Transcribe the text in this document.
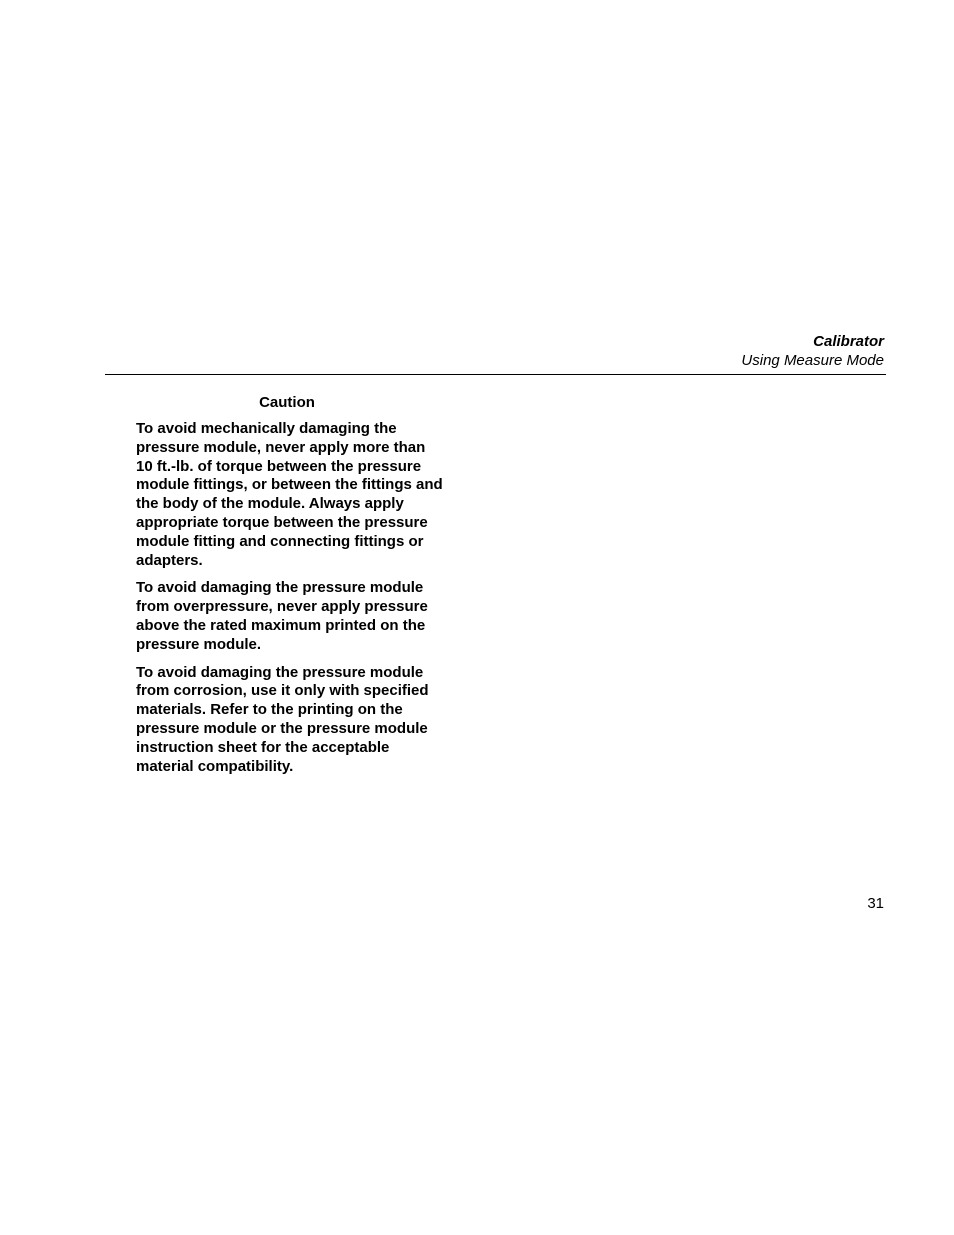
Calibrator
Using Measure Mode
Caution

To avoid mechanically damaging the pressure module, never apply more than 10 ft.-lb. of torque between the pressure module fittings, or between the fittings and the body of the module. Always apply appropriate torque between the pressure module fitting and connecting fittings or adapters.

To avoid damaging the pressure module from overpressure, never apply pressure above the rated maximum printed on the pressure module.

To avoid damaging the pressure module from corrosion, use it only with specified materials. Refer to the printing on the pressure module or the pressure module instruction sheet for the acceptable material compatibility.

31
